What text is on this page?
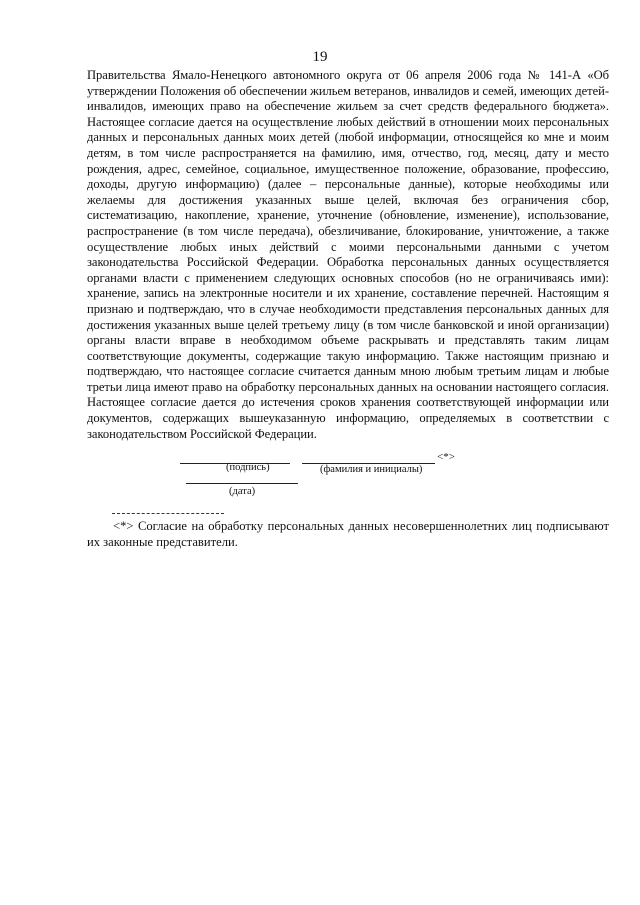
19

Правительства Ямало-Ненецкого автономного округа от 06 апреля 2006 года № 141-А «Об утверждении Положения об обеспечении жильем ветеранов, инвалидов и семей, имеющих детей-инвалидов, имеющих право на обеспечение жильем за счет средств федерального бюджета». Настоящее согласие дается на осуществление любых действий в отношении моих персональных данных и персональных данных моих детей (любой информации, относящейся ко мне и моим детям, в том числе распространяется на фамилию, имя, отчество, год, месяц, дату и место рождения, адрес, семейное, социальное, имущественное положение, образование, профессию, доходы, другую информацию) (далее – персональные данные), которые необходимы или желаемы для достижения указанных выше целей, включая без ограничения сбор, систематизацию, накопление, хранение, уточнение (обновление, изменение), использование, распространение (в том числе передача), обезличивание, блокирование, уничтожение, а также осуществление любых иных действий с моими персональными данными с учетом законодательства Российской Федерации. Обработка персональных данных осуществляется органами власти с применением следующих основных способов (но не ограничиваясь ими): хранение, запись на электронные носители и их хранение, составление перечней. Настоящим я признаю и подтверждаю, что в случае необходимости представления персональных данных для достижения указанных выше целей третьему лицу (в том числе банковской и иной организации) органы власти вправе в необходимом объеме раскрывать и представлять таким лицам соответствующие документы, содержащие такую информацию. Также настоящим признаю и подтверждаю, что настоящее согласие считается данным мною любым третьим лицам и любые третьи лица имеют право на обработку персональных данных на основании настоящего согласия. Настоящее согласие дается до истечения сроков хранения соответствующей информации или документов, содержащих вышеуказанную информацию, определяемых в соответствии с законодательством Российской Федерации.

<*>
(подпись)	(фамилия и инициалы)
(дата)

<*> Согласие на обработку персональных данных несовершеннолетних лиц подписывают их законные представители.
